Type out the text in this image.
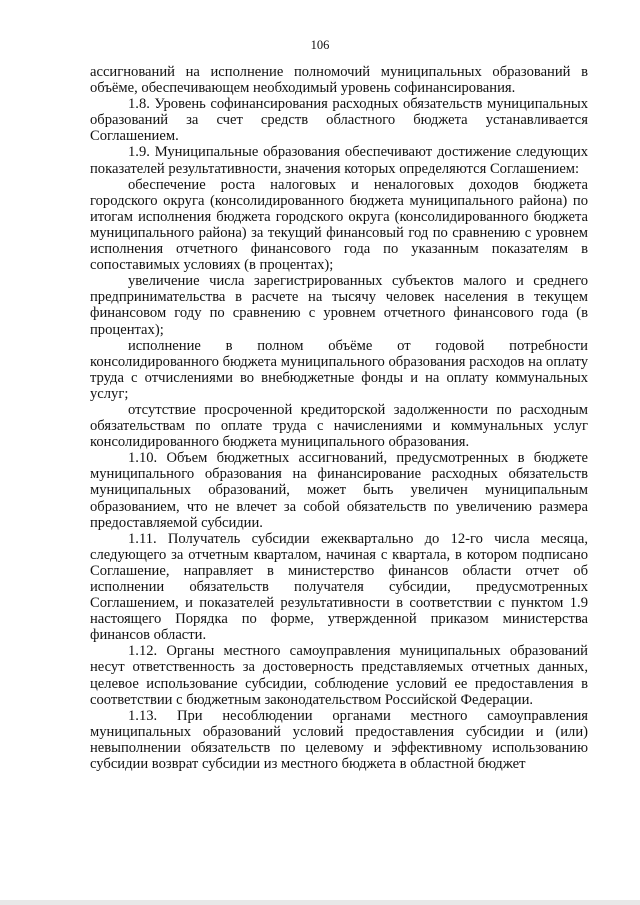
106

ассигнований на исполнение полномочий муниципальных образований в объёме, обеспечивающем необходимый уровень софинансирования.

1.8. Уровень софинансирования расходных обязательств муниципальных образований за счет средств областного бюджета устанавливается Соглашением.

1.9. Муниципальные образования обеспечивают достижение следующих показателей результативности, значения которых определяются Соглашением:

обеспечение роста налоговых и неналоговых доходов бюджета городского округа (консолидированного бюджета муниципального района) по итогам исполнения бюджета городского округа (консолидированного бюджета муниципального района) за текущий финансовый год по сравнению с уровнем исполнения отчетного финансового года по указанным показателям в сопоставимых условиях (в процентах);

увеличение числа зарегистрированных субъектов малого и среднего предпринимательства в расчете на тысячу человек населения в текущем финансовом году по сравнению с уровнем отчетного финансового года (в процентах);

исполнение в полном объёме от годовой потребности консолидированного бюджета муниципального образования расходов на оплату труда с отчислениями во внебюджетные фонды и на оплату коммунальных услуг;

отсутствие просроченной кредиторской задолженности по расходным обязательствам по оплате труда с начислениями и коммунальных услуг консолидированного бюджета муниципального образования.

1.10. Объем бюджетных ассигнований, предусмотренных в бюджете муниципального образования на финансирование расходных обязательств муниципальных образований, может быть увеличен муниципальным образованием, что не влечет за собой обязательств по увеличению размера предоставляемой субсидии.

1.11. Получатель субсидии ежеквартально до 12-го числа месяца, следующего за отчетным кварталом, начиная с квартала, в котором подписано Соглашение, направляет в министерство финансов области отчет об исполнении обязательств получателя субсидии, предусмотренных Соглашением, и показателей результативности в соответствии с пунктом 1.9 настоящего Порядка по форме, утвержденной приказом министерства финансов области.

1.12. Органы местного самоуправления муниципальных образований несут ответственность за достоверность представляемых отчетных данных, целевое использование субсидии, соблюдение условий ее предоставления в соответствии с бюджетным законодательством Российской Федерации.

1.13. При несоблюдении органами местного самоуправления муниципальных образований условий предоставления субсидии и (или) невыполнении обязательств по целевому и эффективному использованию субсидии возврат субсидии из местного бюджета в областной бюджет
